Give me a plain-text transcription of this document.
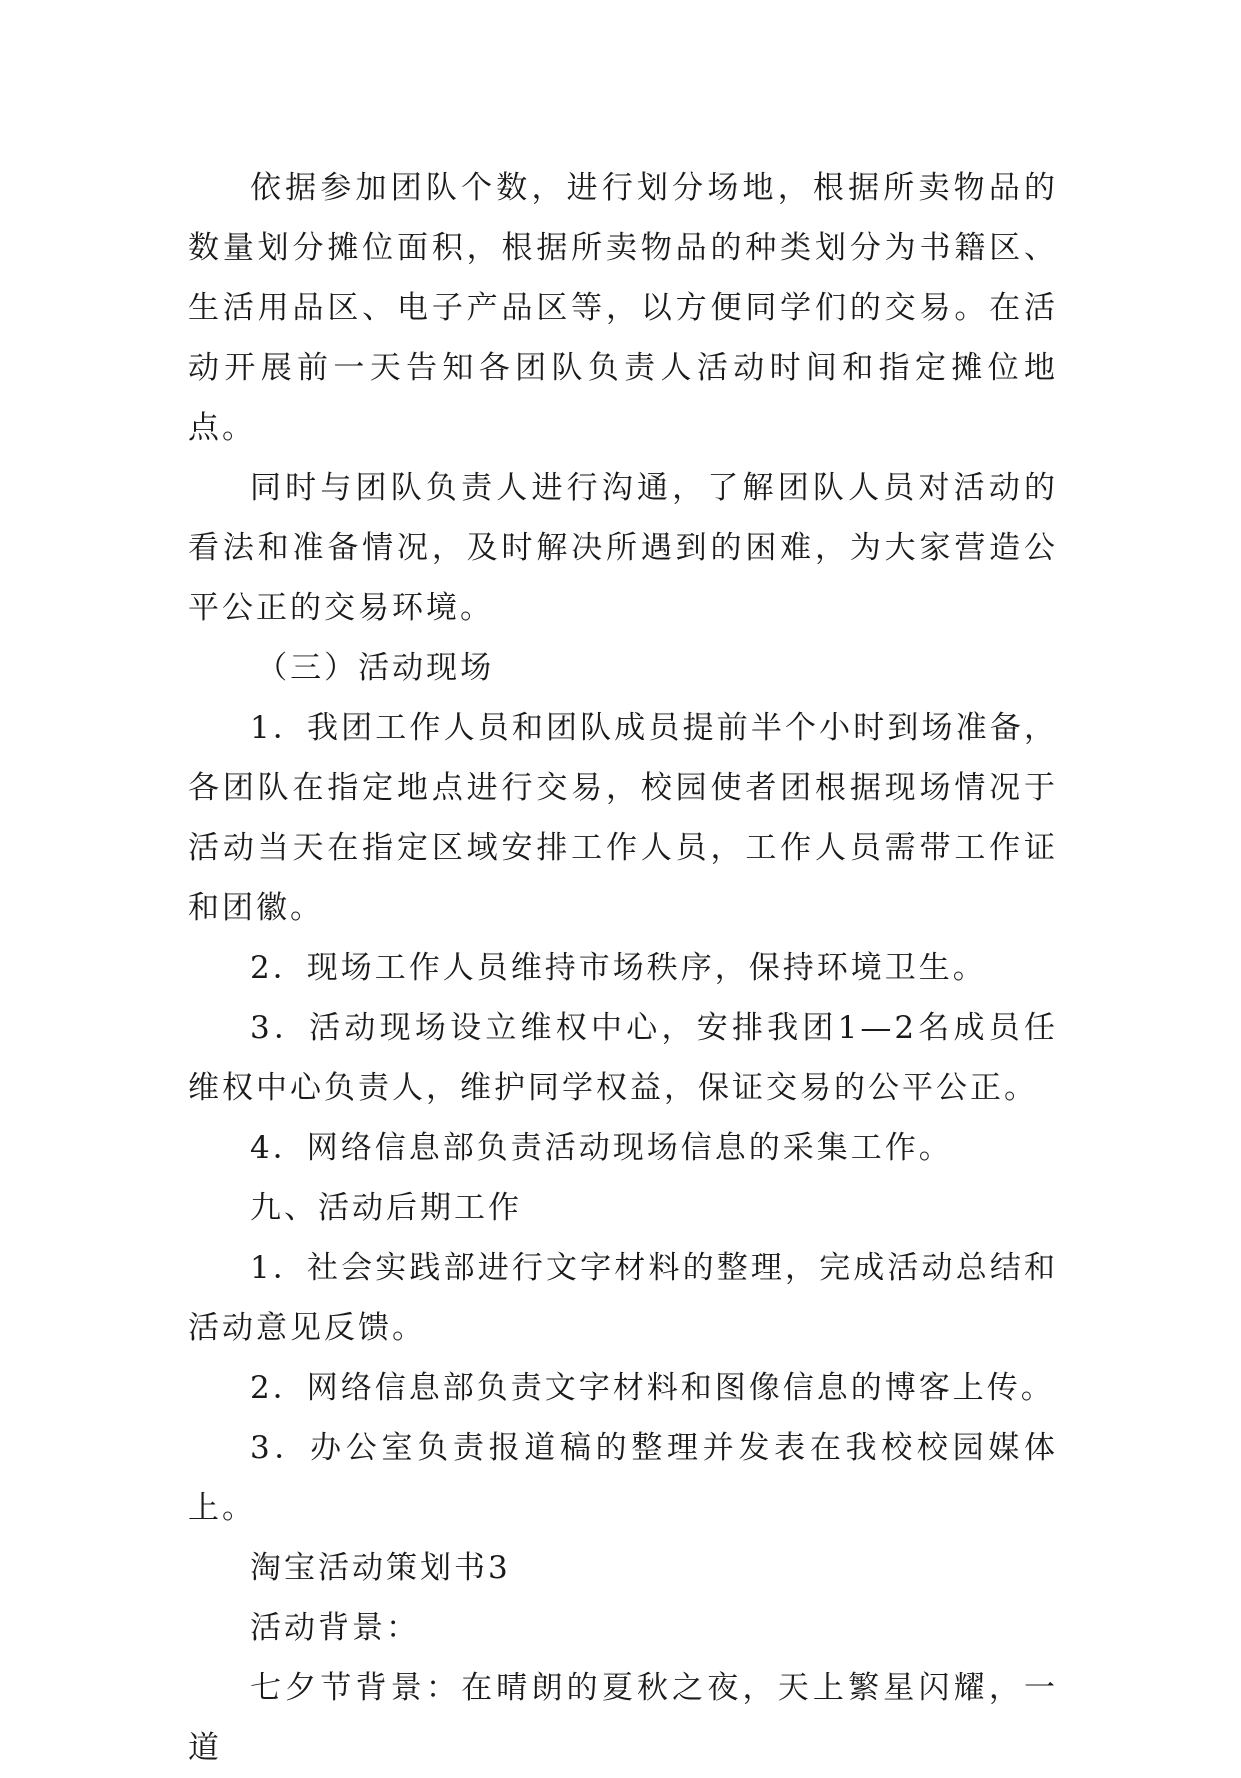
依据参加团队个数，进行划分场地，根据所卖物品的数量划分摊位面积，根据所卖物品的种类划分为书籍区、生活用品区、电子产品区等，以方便同学们的交易。在活动开展前一天告知各团队负责人活动时间和指定摊位地点。

同时与团队负责人进行沟通，了解团队人员对活动的看法和准备情况，及时解决所遇到的困难，为大家营造公平公正的交易环境。

（三）活动现场

1．我团工作人员和团队成员提前半个小时到场准备，各团队在指定地点进行交易，校园使者团根据现场情况于活动当天在指定区域安排工作人员，工作人员需带工作证和团徽。

2．现场工作人员维持市场秩序，保持环境卫生。

3．活动现场设立维权中心，安排我团1—2名成员任维权中心负责人，维护同学权益，保证交易的公平公正。

4．网络信息部负责活动现场信息的采集工作。

九、活动后期工作

1．社会实践部进行文字材料的整理，完成活动总结和活动意见反馈。

2．网络信息部负责文字材料和图像信息的博客上传。

3．办公室负责报道稿的整理并发表在我校校园媒体上。

淘宝活动策划书3

活动背景：

七夕节背景：在晴朗的夏秋之夜，天上繁星闪耀，一道
